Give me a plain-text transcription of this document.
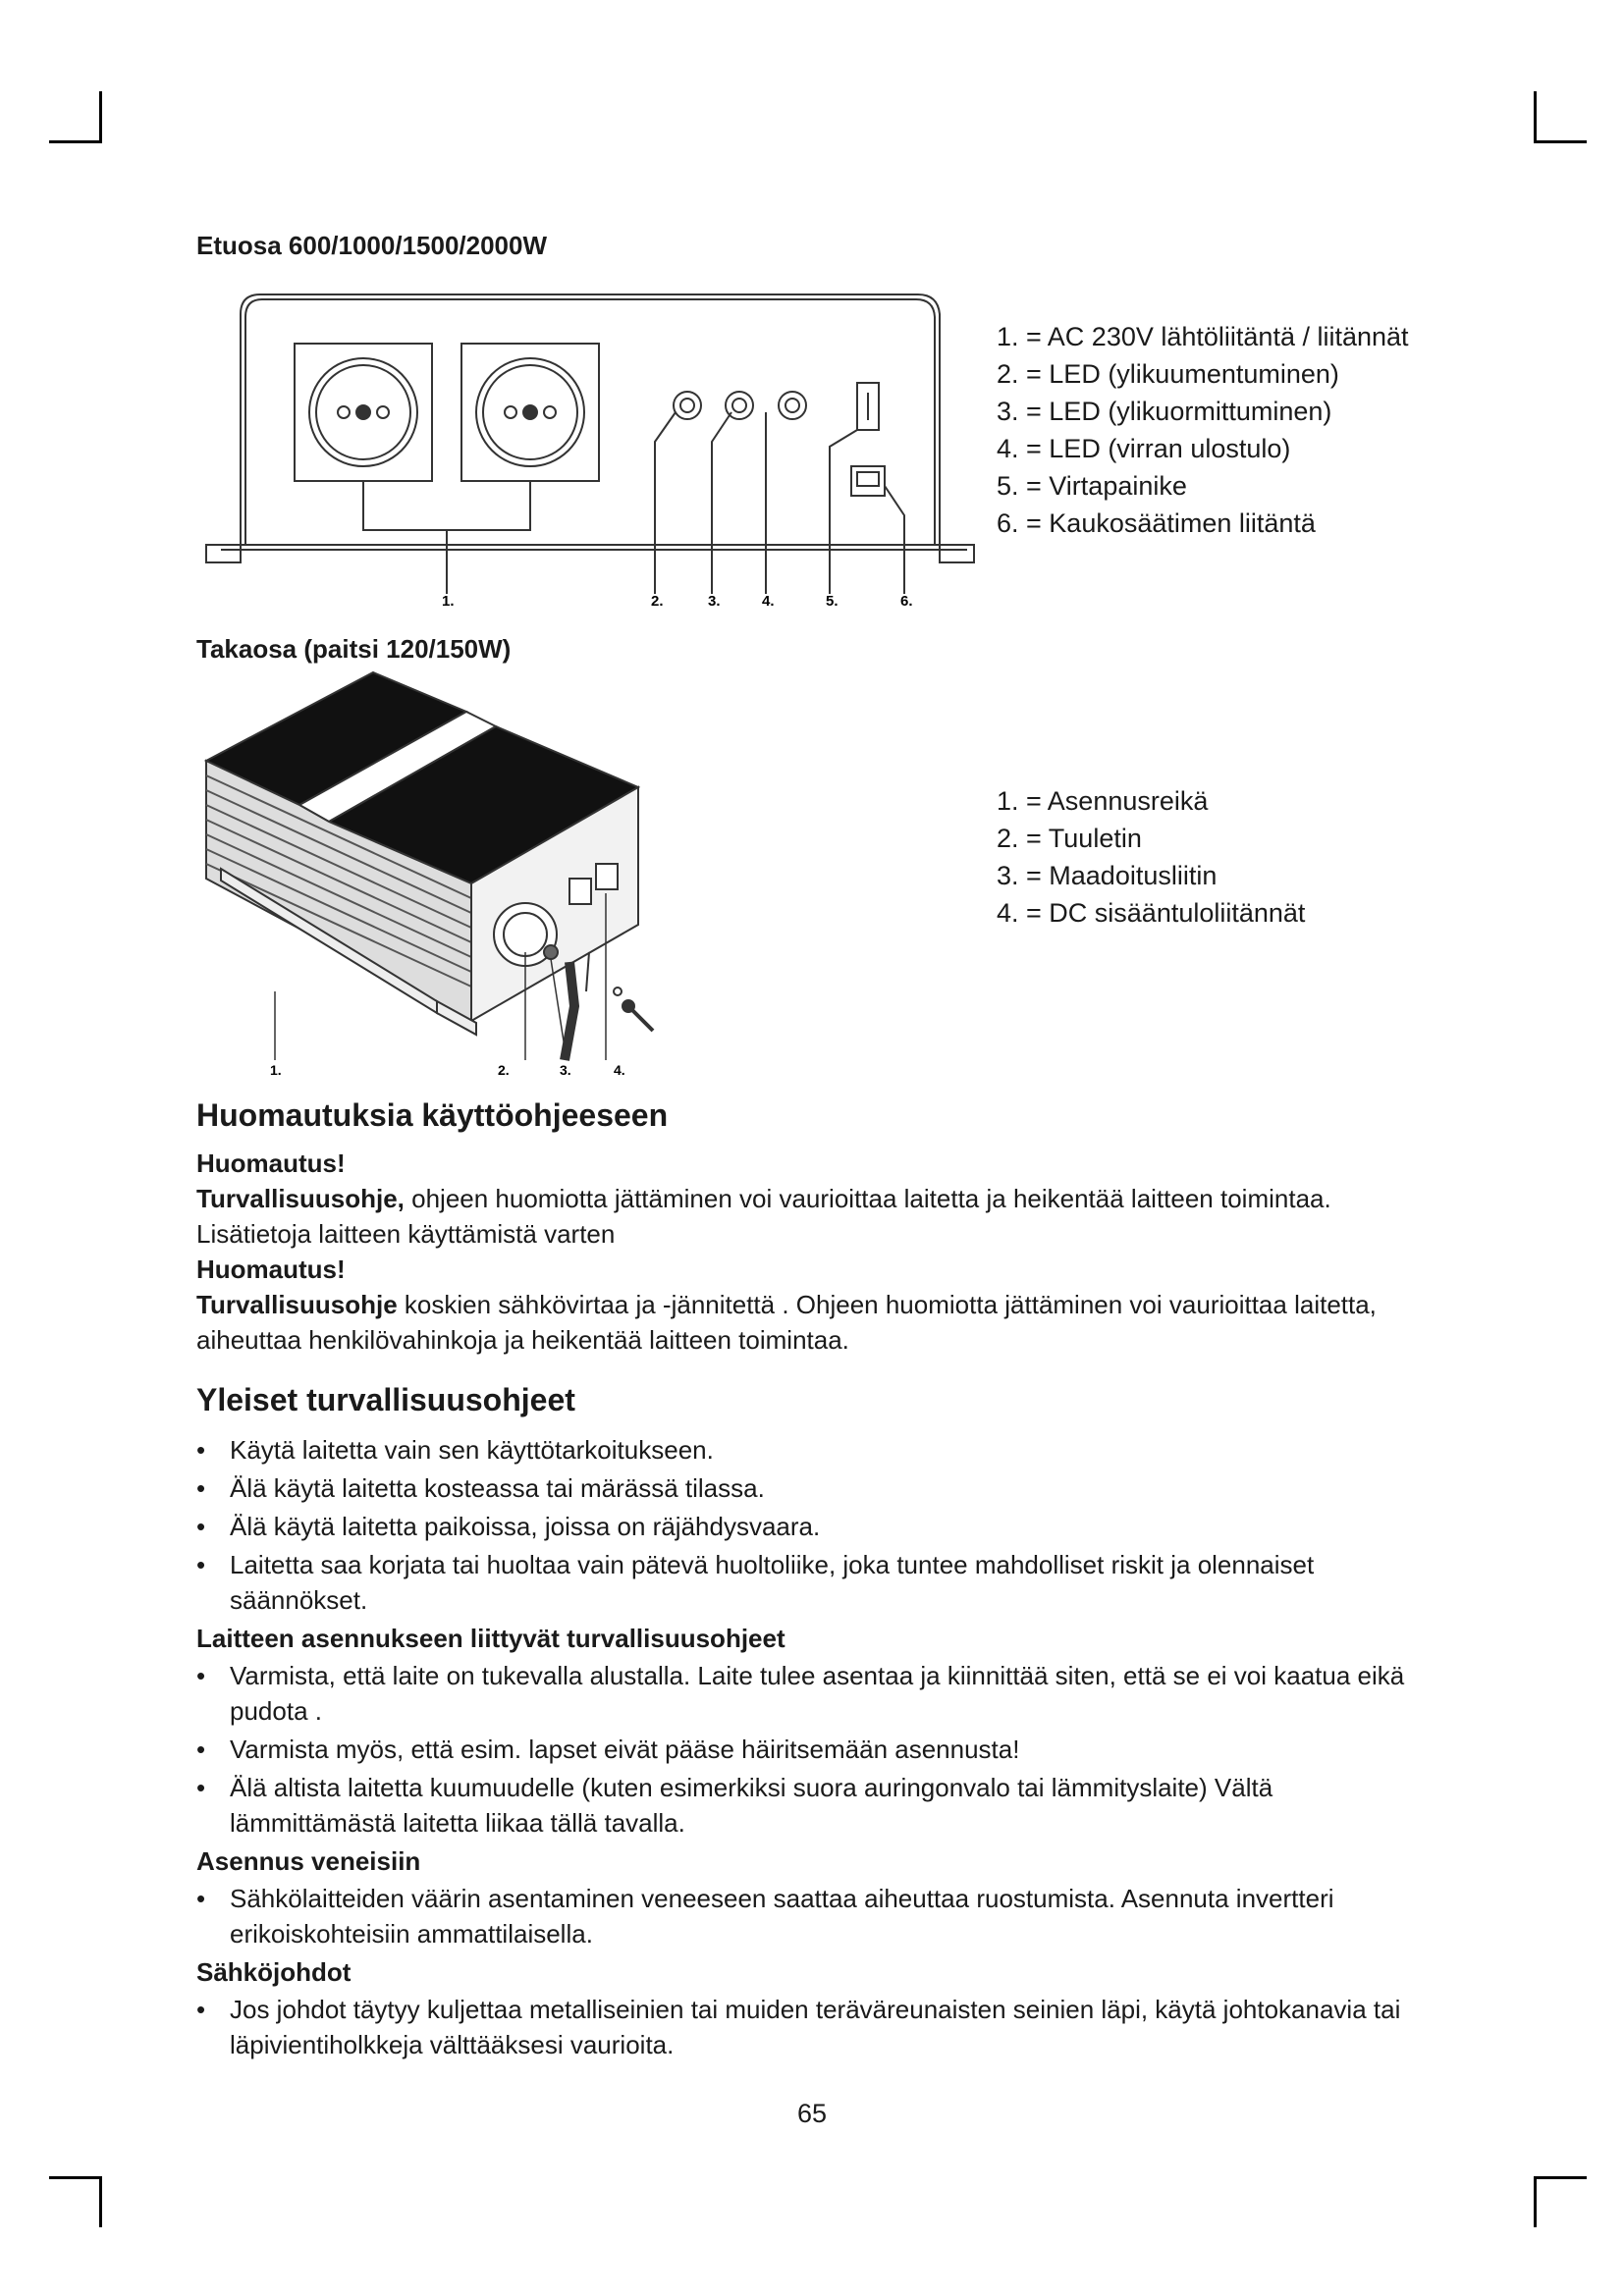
Etuosa 600/1000/1500/2000W
1.	2.	3.	4.	5.	6.
1. = AC 230V lähtöliitäntä / liitännät
2. = LED (ylikuumentuminen)
3. = LED (ylikuormittuminen)
4. = LED (virran ulostulo)
5. = Virtapainike
6. = Kaukosäätimen liitäntä
Takaosa (paitsi 120/150W)
1.	2.	3.	4.
1. = Asennusreikä
2. = Tuuletin
3. = Maadoitusliitin
4. = DC sisääntuloliitännät
Huomautuksia käyttöohjeeseen
Huomautus!
Turvallisuusohje, ohjeen huomiotta jättäminen voi vaurioittaa laitetta ja heikentää laitteen toimintaa.
Lisätietoja laitteen käyttämistä varten
Huomautus!
Turvallisuusohje koskien sähkövirtaa ja -jännitettä . Ohjeen huomiotta jättäminen voi vaurioittaa laitetta, aiheuttaa henkilövahinkoja ja heikentää laitteen toimintaa.
Yleiset turvallisuusohjeet
• Käytä laitetta vain sen käyttötarkoitukseen.
• Älä käytä laitetta kosteassa tai märässä tilassa.
• Älä käytä laitetta paikoissa, joissa on räjähdysvaara.
• Laitetta saa korjata tai huoltaa vain pätevä huoltoliike, joka tuntee mahdolliset riskit ja olennaiset säännökset.
Laitteen asennukseen liittyvät turvallisuusohjeet
• Varmista, että laite on tukevalla alustalla. Laite tulee asentaa ja kiinnittää siten, että se ei voi kaatua eikä pudota .
• Varmista myös, että esim. lapset eivät pääse häiritsemään asennusta!
• Älä altista laitetta kuumuudelle (kuten esimerkiksi suora auringonvalo tai lämmityslaite) Vältä lämmittämästä laitetta liikaa tällä tavalla.
Asennus veneisiin
• Sähkölaitteiden väärin asentaminen veneeseen saattaa aiheuttaa ruostumista. Asennuta invertteri erikoiskohteisiin ammattilaisella.
Sähköjohdot
• Jos johdot täytyy kuljettaa metalliseinien tai muiden teräväreunaisten seinien läpi, käytä johtokanavia tai läpivientiholkkeja välttääksesi vaurioita.
65
